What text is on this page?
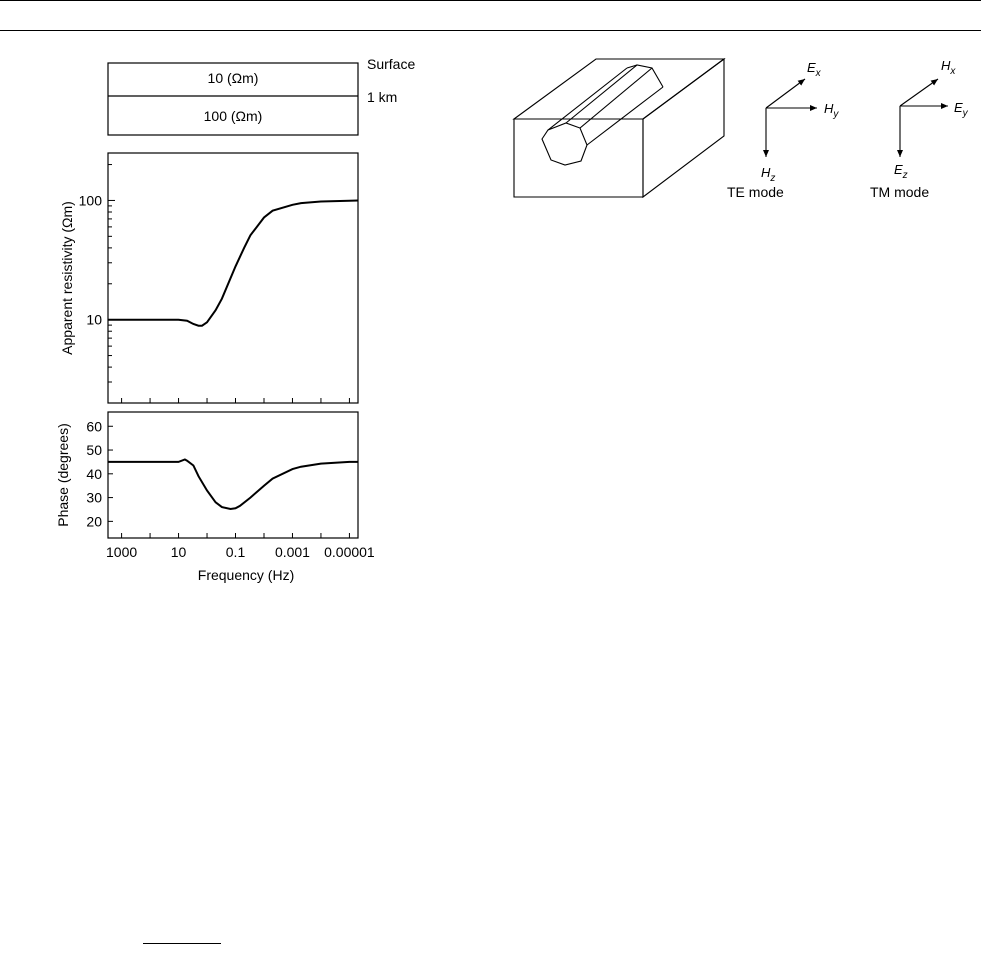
10 (Ωm)
100 (Ωm)
Surface
1 km
10
100
Apparent resistivity (Ωm)
20
30
40
50
60
1000 10	0.1 0.001 0.00001
Phase (degrees)
Frequency (Hz)
$E_x$
$H_y$
$H_z$
TE mode
$H_x$
$E_y$
$E_z$
TM mode
